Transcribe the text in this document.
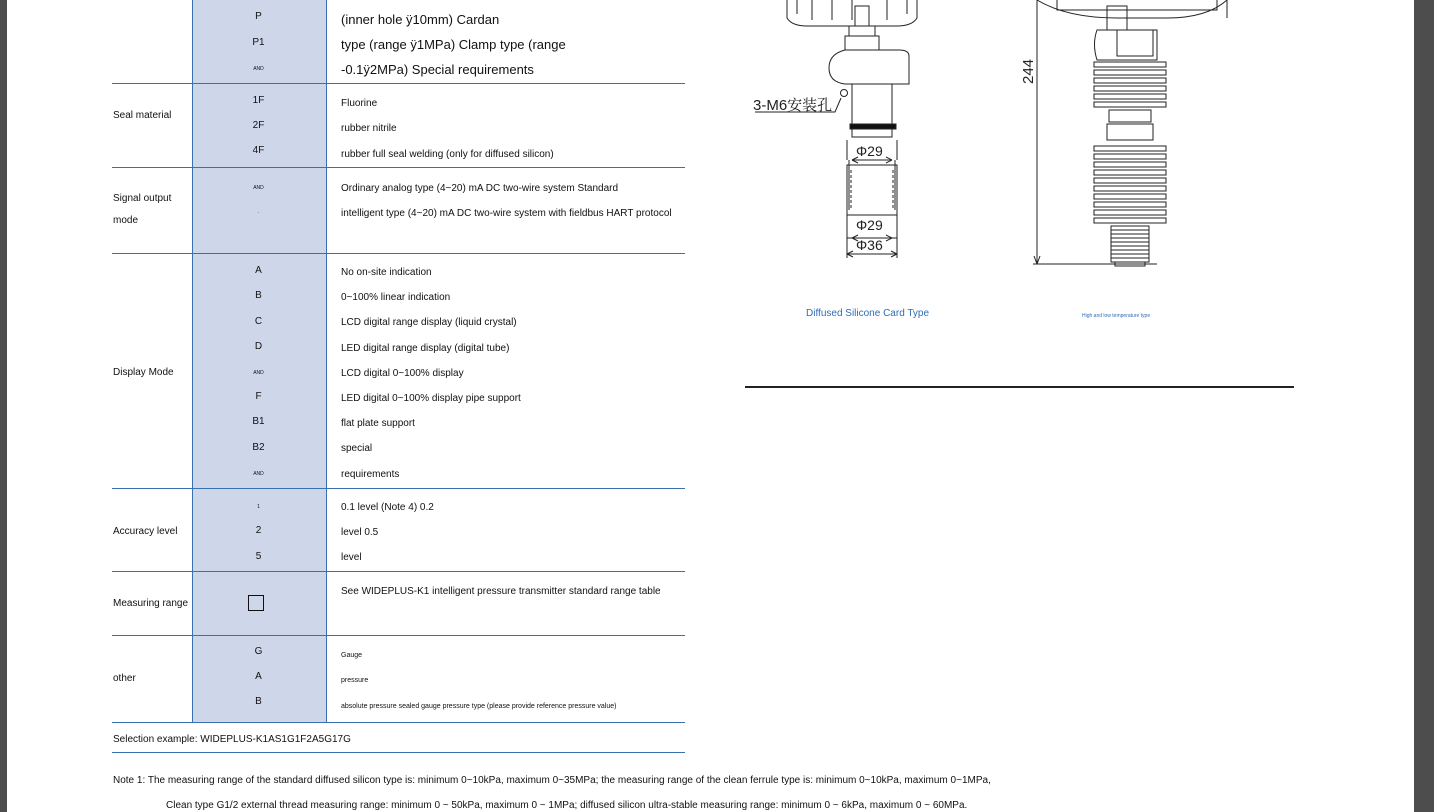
P
P1
AND
(inner hole ÿ10mm) Cardan
type (range ÿ1MPa) Clamp type (range
-0.1ÿ2MPa) Special requirements
Seal material
1F
2F
4F
Fluorine
rubber nitrile
rubber full seal welding (only for diffused silicon)
Signal output
mode
AND
·
Ordinary analog type (4~20) mA DC two-wire system Standard
intelligent type (4~20) mA DC two-wire system with fieldbus HART protocol
Display Mode
A
B
C
D
AND
F
B1
B2
AND
No on-site indication
0~100% linear indication
LCD digital range display (liquid crystal)
LED digital range display (digital tube)
LCD digital 0~100% display
LED digital 0~100% display pipe support
flat plate support
special
requirements
Accuracy level
1
2
5
0.1 level (Note 4) 0.2
level 0.5
level
Measuring range
See WIDEPLUS-K1 intelligent pressure transmitter standard range table
other
G
A
B
Gauge
pressure
absolute pressure sealed gauge pressure type (please provide reference pressure value)
Selection example: WIDEPLUS-K1AS1G1F2A5G17G
Note 1: The measuring range of the standard diffused silicon type is: minimum 0~10kPa, maximum 0~35MPa; the measuring range of the clean ferrule type is: minimum 0~10kPa, maximum 0~1MPa,
Clean type G1/2 external thread measuring range: minimum 0 ~ 50kPa, maximum 0 ~ 1MPa; diffused silicon ultra-stable measuring range: minimum 0 ~ 6kPa, maximum 0 ~ 60MPa.
3-M6安装孔
Φ29
Φ29
Φ36
244
Diffused Silicone Card Type	High and low temperature type
